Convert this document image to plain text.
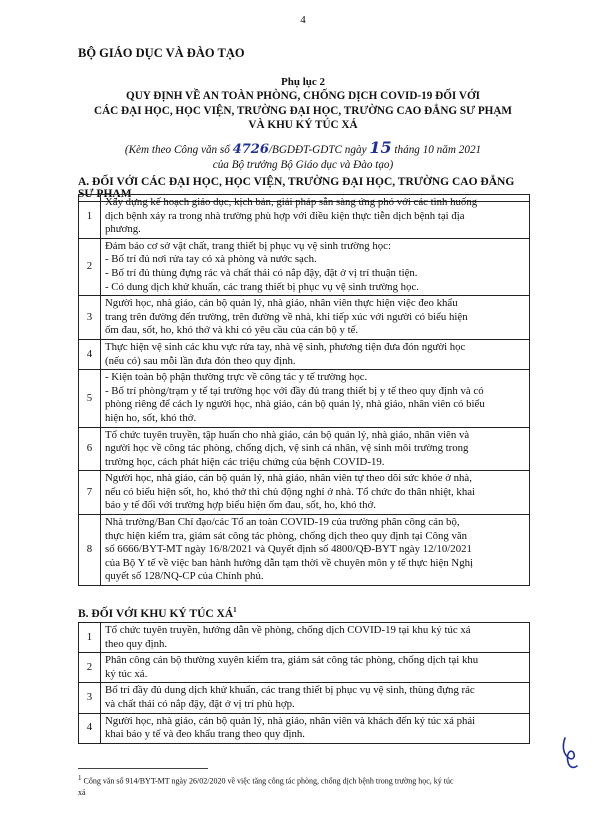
4
BỘ GIÁO DỤC VÀ ĐÀO TẠO
Phụ lục 2
QUY ĐỊNH VỀ AN TOÀN PHÒNG, CHỐNG DỊCH COVID-19 ĐỐI VỚI
CÁC ĐẠI HỌC, HỌC VIỆN, TRƯỜNG ĐẠI HỌC, TRƯỜNG CAO ĐẲNG SƯ PHẠM
VÀ KHU KÝ TÚC XÁ
(Kèm theo Công văn số 4726/BGDĐT-GDTC ngày 15 tháng 10 năm 2021
của Bộ trưởng Bộ Giáo dục và Đào tạo)
A. ĐỐI VỚI CÁC ĐẠI HỌC, HỌC VIỆN, TRƯỜNG ĐẠI HỌC, TRƯỜNG CAO ĐẲNG SƯ PHẠM
1	Xây dựng kế hoạch giáo dục, kịch bản, giải pháp sẵn sàng ứng phó với các tình huống
dịch bệnh xảy ra trong nhà trường phù hợp với điều kiện thực tiễn dịch bệnh tại địa
phương.

2	Đảm bảo cơ sở vật chất, trang thiết bị phục vụ vệ sinh trường học:
- Bố trí đủ nơi rửa tay có xà phòng và nước sạch.
- Bố trí đủ thùng đựng rác và chất thải có nắp đậy, đặt ở vị trí thuận tiện.
- Có dung dịch khử khuẩn, các trang thiết bị phục vụ vệ sinh trường học.

3	Người học, nhà giáo, cán bộ quản lý, nhà giáo, nhân viên thực hiện việc đeo khẩu
trang trên đường đến trường, trên đường về nhà, khi tiếp xúc với người có biểu hiện
ốm đau, sốt, ho, khó thở và khi có yêu cầu của cán bộ y tế.

4	Thực hiện vệ sinh các khu vực rửa tay, nhà vệ sinh, phương tiện đưa đón người học
(nếu có) sau mỗi lần đưa đón theo quy định.

5	- Kiện toàn bộ phận thường trực về công tác y tế trường học.
- Bố trí phòng/trạm y tế tại trường học với đầy đủ trang thiết bị y tế theo quy định và có
phòng riêng để cách ly người học, nhà giáo, cán bộ quản lý, nhà giáo, nhân viên có biểu
hiện ho, sốt, khó thở.

6	Tổ chức tuyên truyền, tập huấn cho nhà giáo, cán bộ quản lý, nhà giáo, nhân viên và
người học về công tác phòng, chống dịch, vệ sinh cá nhân, vệ sinh môi trường trong
trường học, cách phát hiện các triệu chứng của bệnh COVID-19.

7	Người học, nhà giáo, cán bộ quản lý, nhà giáo, nhân viên tự theo dõi sức khỏe ở nhà,
nếu có biểu hiện sốt, ho, khó thở thì chủ động nghỉ ở nhà. Tổ chức đo thân nhiệt, khai
báo y tế đối với trường hợp biểu hiện ốm đau, sốt, ho, khó thở.

8	Nhà trường/Ban Chỉ đạo/các Tổ an toàn COVID-19 của trường phân công cán bộ,
thực hiện kiểm tra, giám sát công tác phòng, chống dịch theo quy định tại Công văn
số 6666/BYT-MT ngày 16/8/2021 và Quyết định số 4800/QĐ-BYT ngày 12/10/2021
của Bộ Y tế về việc ban hành hướng dẫn tạm thời về chuyên môn y tế thực hiện Nghị
quyết số 128/NQ-CP của Chính phủ.
B. ĐỐI VỚI KHU KÝ TÚC $XÁ^1$
1	Tổ chức tuyên truyền, hướng dẫn về phòng, chống dịch COVID-19 tại khu ký túc xá
theo quy định.

2	Phân công cán bộ thường xuyên kiểm tra, giám sát công tác phòng, chống dịch tại khu
ký túc xá.

3	Bố trí đầy đủ dung dịch khử khuẩn, các trang thiết bị phục vụ vệ sinh, thùng đựng rác
và chất thải có nắp đậy, đặt ở vị trí phù hợp.

4	Người học, nhà giáo, cán bộ quản lý, nhà giáo, nhân viên và khách đến ký túc xá phải
khai báo y tế và đeo khẩu trang theo quy định.
$^1$ Công văn số 914/BYT-MT ngày 26/02/2020 về việc tăng công tác phòng, chống dịch bệnh trong trường học, ký túc
xá
